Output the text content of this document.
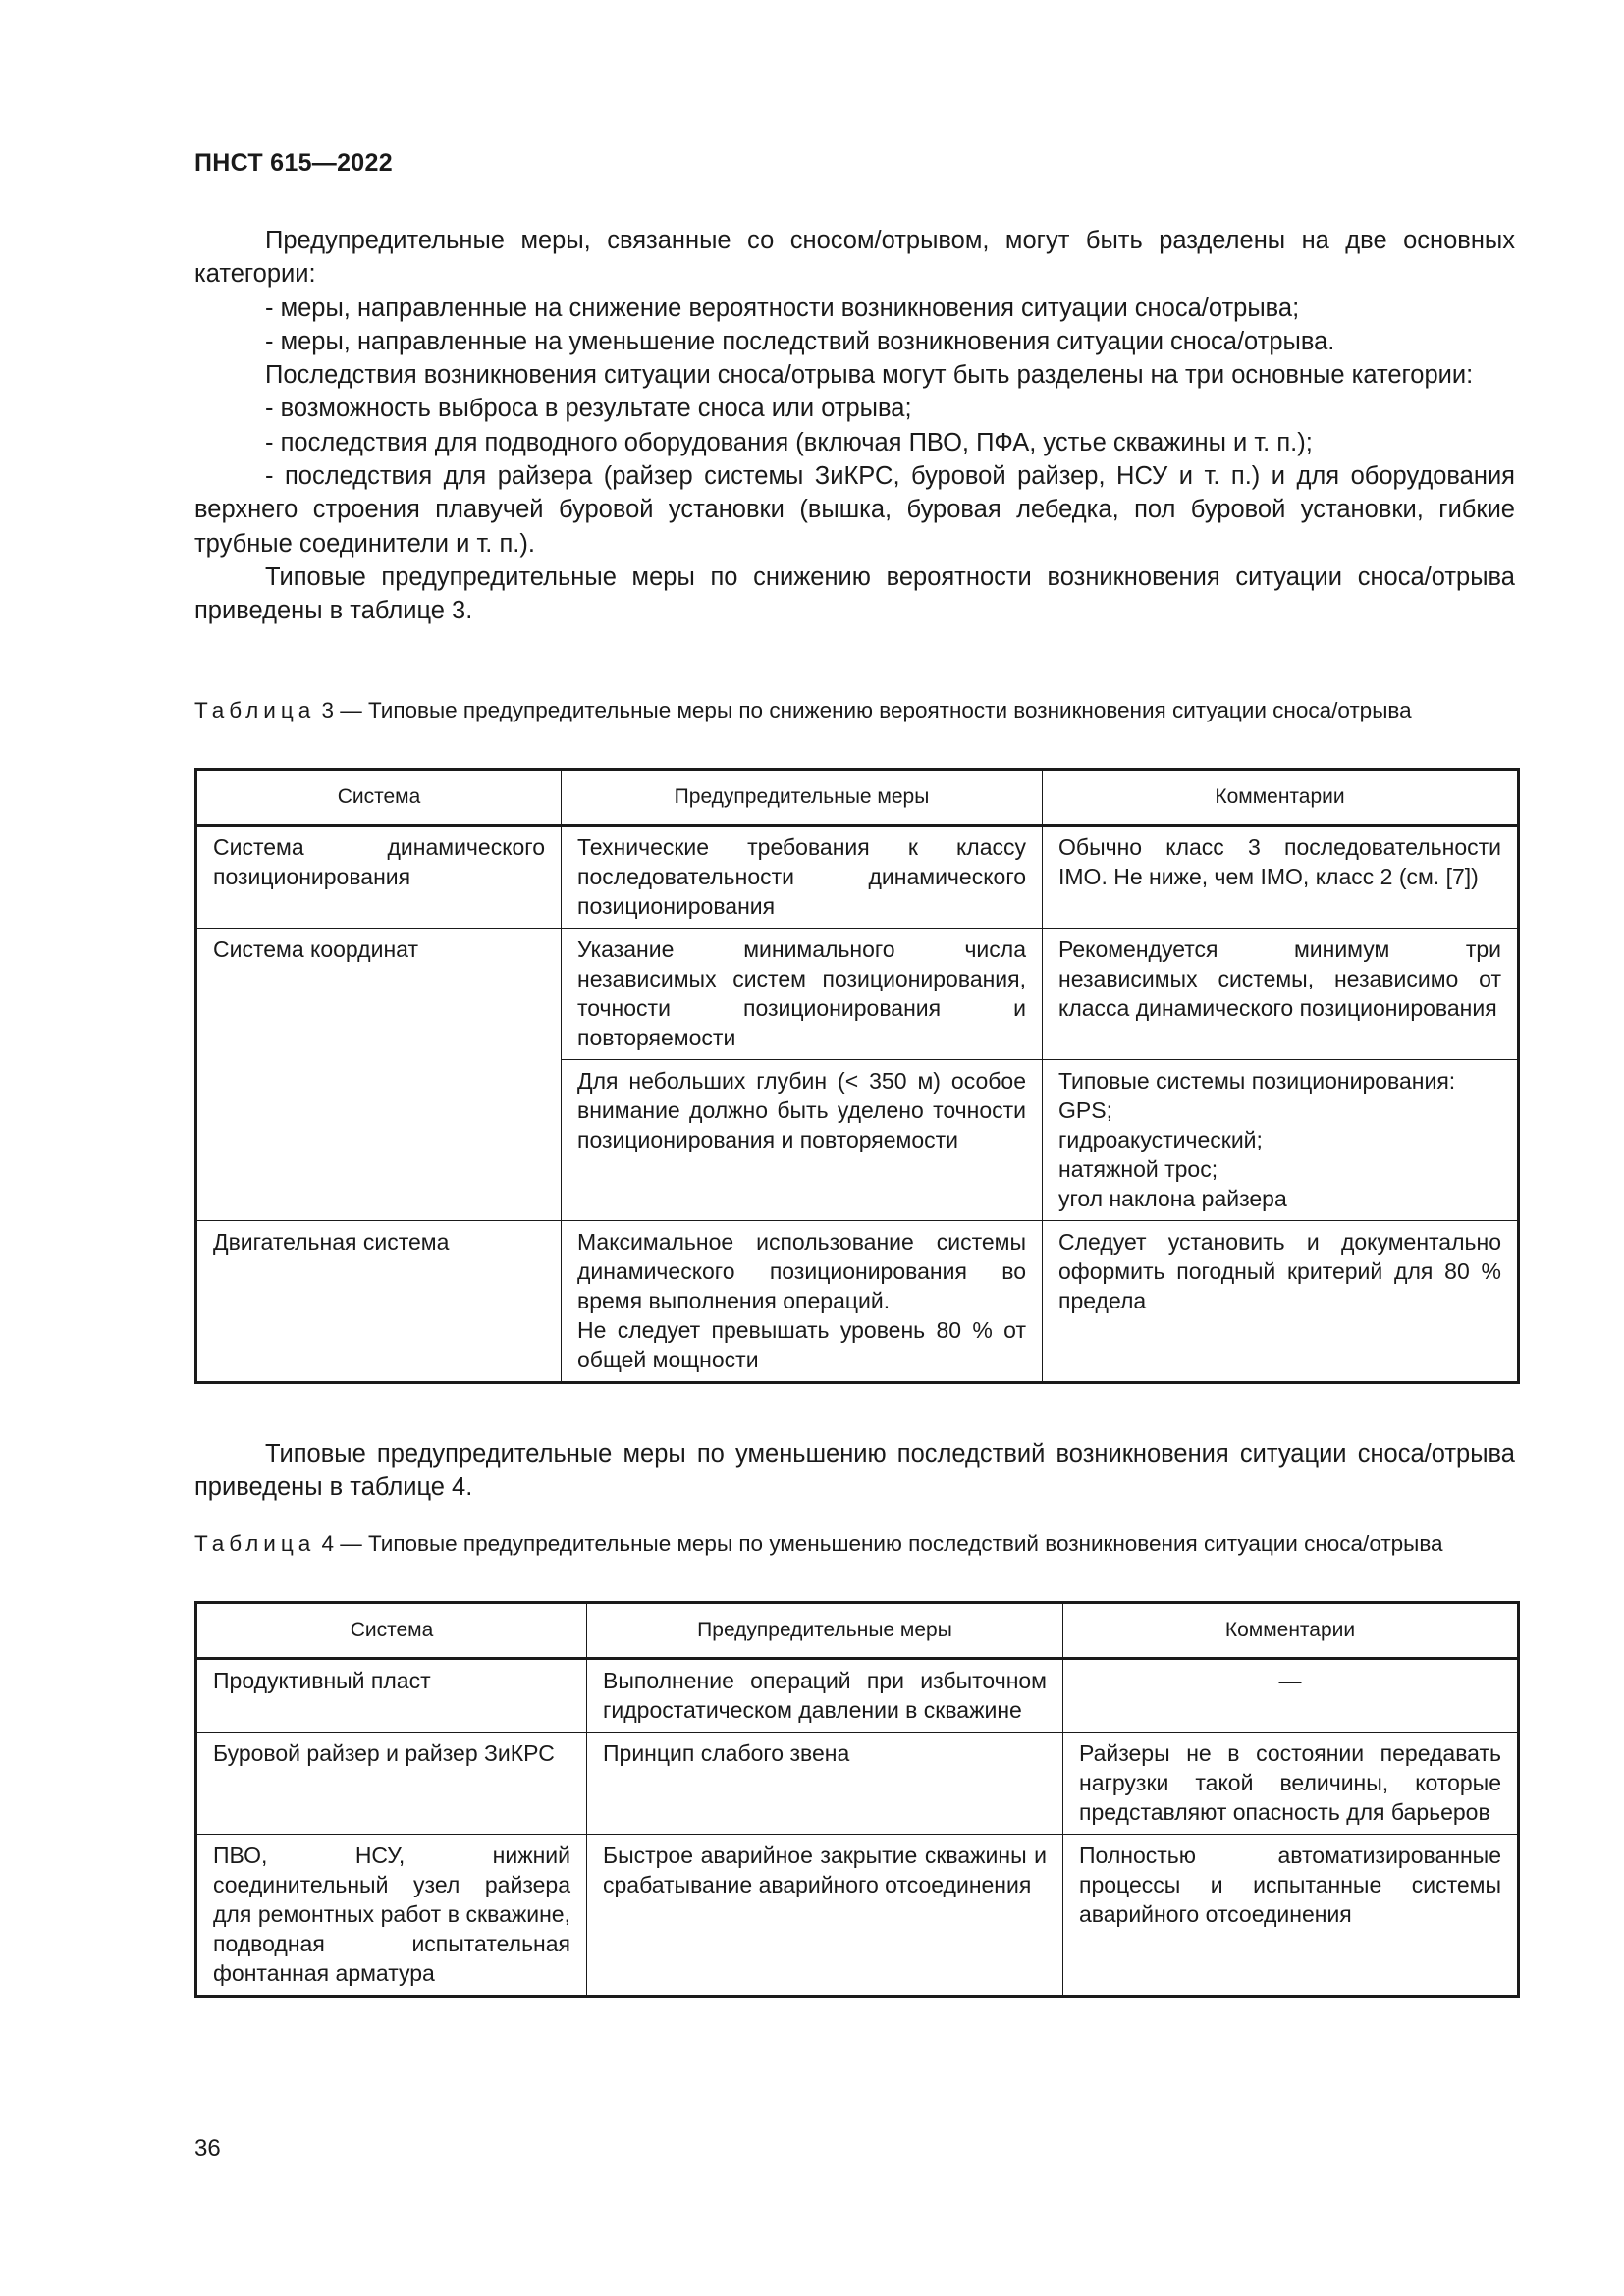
ПНСТ 615—2022

Предупредительные меры, связанные со сносом/отрывом, могут быть разделены на две основных категории:

- меры, направленные на снижение вероятности возникновения ситуации сноса/отрыва;

- меры, направленные на уменьшение последствий возникновения ситуации сноса/отрыва.

Последствия возникновения ситуации сноса/отрыва могут быть разделены на три основные категории:

- возможность выброса в результате сноса или отрыва;

- последствия для подводного оборудования (включая ПВО, ПФА, устье скважины и т. п.);

- последствия для райзера (райзер системы ЗиКРС, буровой райзер, НСУ и т. п.) и для оборудования верхнего строения плавучей буровой установки (вышка, буровая лебедка, пол буровой установки, гибкие трубные соединители и т. п.).

Типовые предупредительные меры по снижению вероятности возникновения ситуации сноса/отрыва приведены в таблице 3.

Таблица 3 — Типовые предупредительные меры по снижению вероятности возникновения ситуации сноса/отрыва
Система	Предупредительные меры	Комментарии
Система динамического позиционирования	Технические требования к классу последовательности динамического позиционирования	Обычно класс 3 последовательности IMO. Не ниже, чем IMO, класс 2 (см. [7])
Система координат	Указание минимального числа независимых систем позиционирования, точности позиционирования и повторяемости	Рекомендуется минимум три независимых системы, независимо от класса динамического позиционирования
	Для небольших глубин (< 350 м) особое внимание должно быть уделено точности позиционирования и повторяемости	Типовые системы позиционирования:
GPS;
гидроакустический;
натяжной трос;
угол наклона райзера

Двигательная система	Максимальное использование системы динамического позиционирования во время выполнения операций.
Не следует превышать уровень 80 % от общей мощности	Следует установить и документально оформить погодный критерий для 80 % предела

Типовые предупредительные меры по уменьшению последствий возникновения ситуации сноса/отрыва приведены в таблице 4.

Таблица 4 — Типовые предупредительные меры по уменьшению последствий возникновения ситуации сноса/отрыва
Система	Предупредительные меры	Комментарии
Продуктивный пласт	Выполнение операций при избыточном гидростатическом давлении в скважине	—
Буровой райзер и райзер ЗиКРС	Принцип слабого звена	Райзеры не в состоянии передавать нагрузки такой величины, которые представляют опасность для барьеров
ПВО, НСУ, нижний соединительный узел райзера для ремонтных работ в скважине, подводная испытательная фонтанная арматура	Быстрое аварийное закрытие скважины и срабатывание аварийного отсоединения	Полностью автоматизированные процессы и испытанные системы аварийного отсоединения
36
